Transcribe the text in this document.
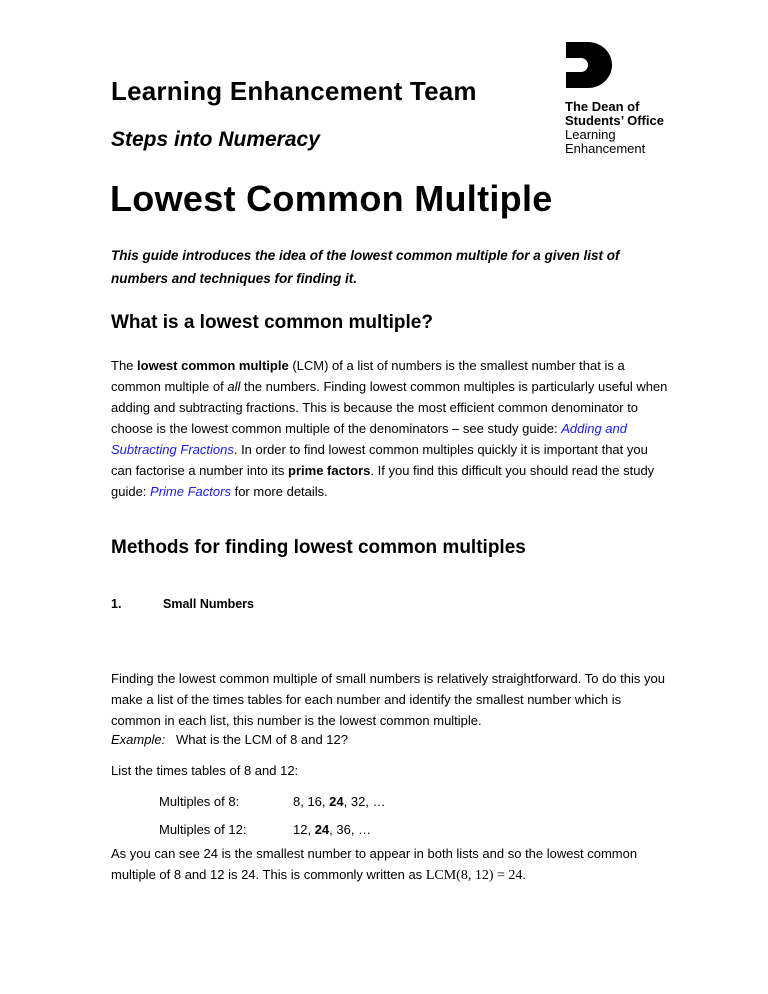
Learning Enhancement Team
Steps into Numeracy
The Dean of
Students’ Office
Learning
Enhancement
Lowest Common Multiple

This guide introduces the idea of the lowest common multiple for a given list of numbers and techniques for finding it.

What is a lowest common multiple?

The lowest common multiple (LCM) of a list of numbers is the smallest number that is a common multiple of all the numbers. Finding lowest common multiples is particularly useful when adding and subtracting fractions. This is because the most efficient common denominator to choose is the lowest common multiple of the denominators – see study guide: Adding and Subtracting Fractions. In order to find lowest common multiples quickly it is important that you can factorise a number into its prime factors. If you find this difficult you should read the study guide: Prime Factors for more details.

Methods for finding lowest common multiples

1.	Small Numbers

Finding the lowest common multiple of small numbers is relatively straightforward. To do this you make a list of the times tables for each number and identify the smallest number which is common in each list, this number is the lowest common multiple.

Example: What is the LCM of 8 and 12?

List the times tables of 8 and 12:

Multiples of 8:	8, 16, 24, 32, …

Multiples of 12:	12, 24, 36, …

As you can see 24 is the smallest number to appear in both lists and so the lowest common multiple of 8 and 12 is 24. This is commonly written as LCM(8, 12) = 24.
